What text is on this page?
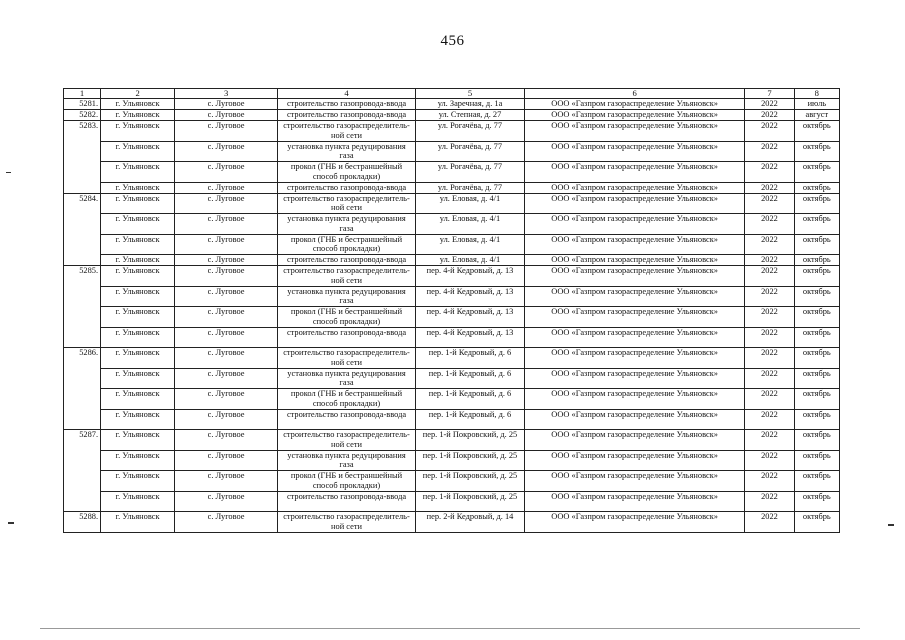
456
1	2	3	4	5	6	7	8
5281.	г. Ульяновск	с. Луговое	строительство газопровода-ввода	ул. Заречная, д. 1а	ООО «Газпром газораспределение Ульяновск»	2022	июль
5282.	г. Ульяновск	с. Луговое	строительство газопровода-ввода	ул. Степная, д. 27	ООО «Газпром газораспределение Ульяновск»	2022	август
5283.	г. Ульяновск	с. Луговое	строительство газораспределитель-ной сети	ул. Рогачёва, д. 77	ООО «Газпром газораспределение Ульяновск»	2022	октябрь
	г. Ульяновск	с. Луговое	установка пункта редуцирования газа	ул. Рогачёва, д. 77	ООО «Газпром газораспределение Ульяновск»	2022	октябрь
	г. Ульяновск	с. Луговое	прокол (ГНБ и бестраншейный способ прокладки)	ул. Рогачёва, д. 77	ООО «Газпром газораспределение Ульяновск»	2022	октябрь
	г. Ульяновск	с. Луговое	строительство газопровода-ввода	ул. Рогачёва, д. 77	ООО «Газпром газораспределение Ульяновск»	2022	октябрь
5284.	г. Ульяновск	с. Луговое	строительство газораспределитель-ной сети	ул. Еловая, д. 4/1	ООО «Газпром газораспределение Ульяновск»	2022	октябрь
	г. Ульяновск	с. Луговое	установка пункта редуцирования газа	ул. Еловая, д. 4/1	ООО «Газпром газораспределение Ульяновск»	2022	октябрь
	г. Ульяновск	с. Луговое	прокол (ГНБ и бестраншейный способ прокладки)	ул. Еловая, д. 4/1	ООО «Газпром газораспределение Ульяновск»	2022	октябрь
	г. Ульяновск	с. Луговое	строительство газопровода-ввода	ул. Еловая, д. 4/1	ООО «Газпром газораспределение Ульяновск»	2022	октябрь
5285.	г. Ульяновск	с. Луговое	строительство газораспределитель-ной сети	пер. 4-й Кедровый, д. 13	ООО «Газпром газораспределение Ульяновск»	2022	октябрь
	г. Ульяновск	с. Луговое	установка пункта редуцирования газа	пер. 4-й Кедровый, д. 13	ООО «Газпром газораспределение Ульяновск»	2022	октябрь
	г. Ульяновск	с. Луговое	прокол (ГНБ и бестраншейный способ прокладки)	пер. 4-й Кедровый, д. 13	ООО «Газпром газораспределение Ульяновск»	2022	октябрь
	г. Ульяновск	с. Луговое	строительство газопровода-ввода	пер. 4-й Кедровый, д. 13	ООО «Газпром газораспределение Ульяновск»	2022	октябрь
5286.	г. Ульяновск	с. Луговое	строительство газораспределитель-ной сети	пер. 1-й Кедровый, д. 6	ООО «Газпром газораспределение Ульяновск»	2022	октябрь
	г. Ульяновск	с. Луговое	установка пункта редуцирования газа	пер. 1-й Кедровый, д. 6	ООО «Газпром газораспределение Ульяновск»	2022	октябрь
	г. Ульяновск	с. Луговое	прокол (ГНБ и бестраншейный способ прокладки)	пер. 1-й Кедровый, д. 6	ООО «Газпром газораспределение Ульяновск»	2022	октябрь
	г. Ульяновск	с. Луговое	строительство газопровода-ввода	пер. 1-й Кедровый, д. 6	ООО «Газпром газораспределение Ульяновск»	2022	октябрь
5287.	г. Ульяновск	с. Луговое	строительство газораспределитель-ной сети	пер. 1-й Покровский, д. 25	ООО «Газпром газораспределение Ульяновск»	2022	октябрь
	г. Ульяновск	с. Луговое	установка пункта редуцирования газа	пер. 1-й Покровский, д. 25	ООО «Газпром газораспределение Ульяновск»	2022	октябрь
	г. Ульяновск	с. Луговое	прокол (ГНБ и бестраншейный способ прокладки)	пер. 1-й Покровский, д. 25	ООО «Газпром газораспределение Ульяновск»	2022	октябрь
	г. Ульяновск	с. Луговое	строительство газопровода-ввода	пер. 1-й Покровский, д. 25	ООО «Газпром газораспределение Ульяновск»	2022	октябрь
5288.	г. Ульяновск	с. Луговое	строительство газораспределитель-ной сети	пер. 2-й Кедровый, д. 14	ООО «Газпром газораспределение Ульяновск»	2022	октябрь
